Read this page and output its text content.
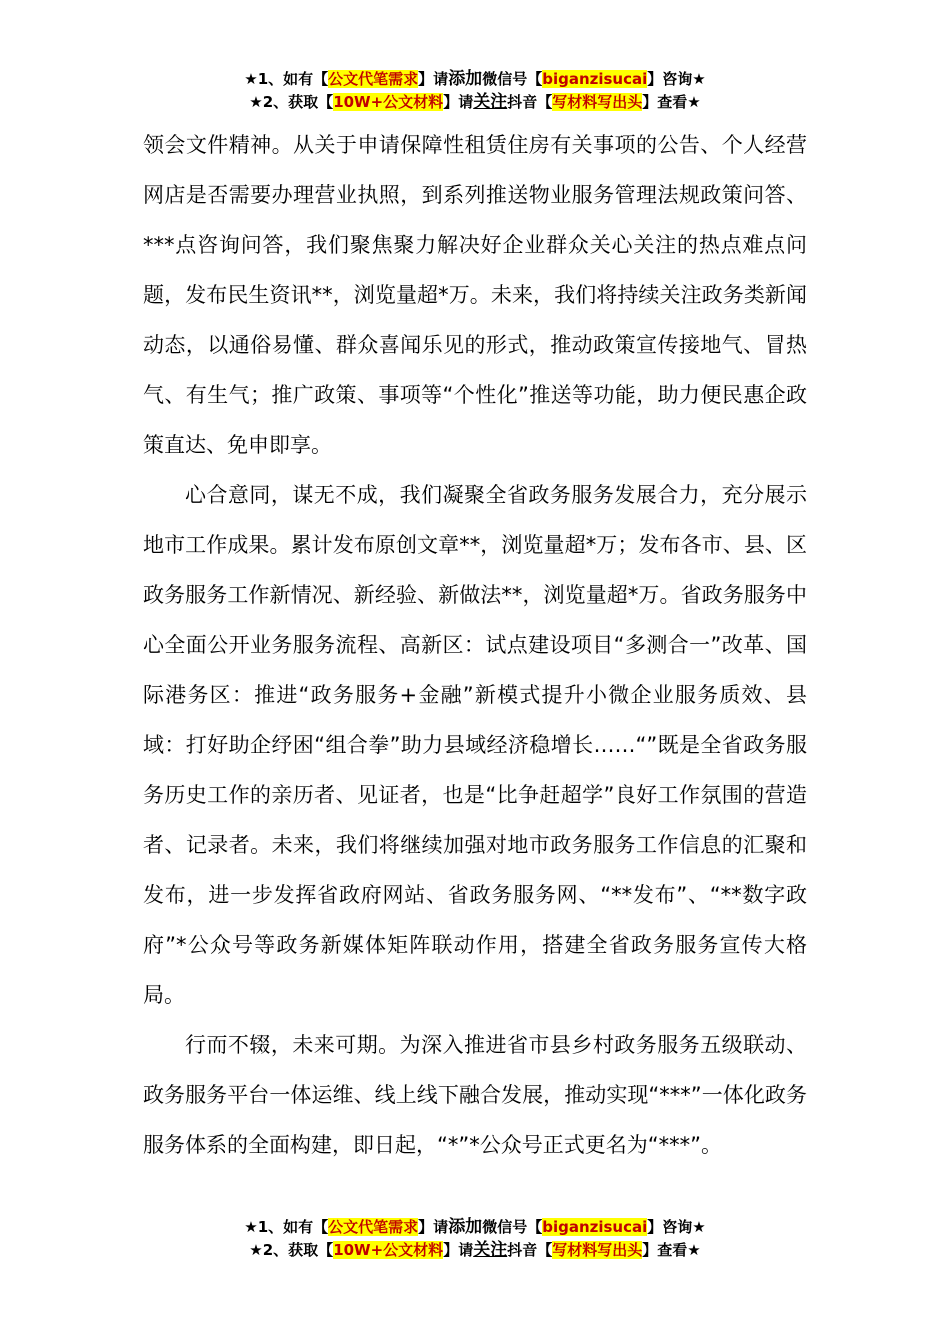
★1、如有【公文代笔需求】请添加微信号【biganzisucai】咨询★
★2、获取【10W+公文材料】请关注抖音【写材料写出头】查看★

领会文件精神。从关于申请保障性租赁住房有关事项的公告、个人经营网店是否需要办理营业执照，到系列推送物业服务管理法规政策问答、***点咨询问答，我们聚焦聚力解决好企业群众关心关注的热点难点问题，发布民生资讯**，浏览量超*万。未来，我们将持续关注政务类新闻动态，以通俗易懂、群众喜闻乐见的形式，推动政策宣传接地气、冒热气、有生气；推广政策、事项等“个性化”推送等功能，助力便民惠企政策直达、免申即享。

心合意同，谋无不成，我们凝聚全省政务服务发展合力，充分展示地市工作成果。累计发布原创文章**，浏览量超*万；发布各市、县、区政务服务工作新情况、新经验、新做法**，浏览量超*万。省政务服务中心全面公开业务服务流程、高新区：试点建设项目“多测合一”改革、国际港务区：推进“政务服务+金融”新模式提升小微企业服务质效、县域：打好助企纾困“组合拳”助力县域经济稳增长……“”既是全省政务服务历史工作的亲历者、见证者，也是“比争赶超学”良好工作氛围的营造者、记录者。未来，我们将继续加强对地市政务服务工作信息的汇聚和发布，进一步发挥省政府网站、省政务服务网、“**发布”、“**数字政府”*公众号等政务新媒体矩阵联动作用，搭建全省政务服务宣传大格局。

行而不辍，未来可期。为深入推进省市县乡村政务服务五级联动、政务服务平台一体运维、线上线下融合发展，推动实现“***”一体化政务服务体系的全面构建，即日起，“*”*公众号正式更名为“***”。

★1、如有【公文代笔需求】请添加微信号【biganzisucai】咨询★
★2、获取【10W+公文材料】请关注抖音【写材料写出头】查看★
